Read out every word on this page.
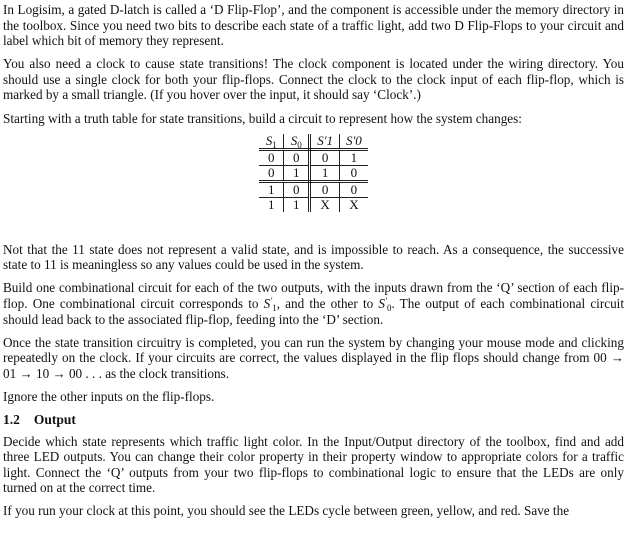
In Logisim, a gated D-latch is called a ‘D Flip-Flop’, and the component is accessible under the memory directory in the toolbox. Since you need two bits to describe each state of a traffic light, add two D Flip-Flops to your circuit and label which bit of memory they represent.

You also need a clock to cause state transitions! The clock component is located under the wiring directory. You should use a single clock for both your flip-flops. Connect the clock to the clock input of each flip-flop, which is marked by a small triangle. (If you hover over the input, it should say ‘Clock’.)

Starting with a truth table for state transitions, build a circuit to represent how the system changes:

$S_1$	$S_0$	S'1	S'0
0	0	0	1
0	1	1	0
1	0	0	0
1	1	X	X

Not that the 11 state does not represent a valid state, and is impossible to reach. As a consequence, the successive state to 11 is meaningless so any values could be used in the system.

Build one combinational circuit for each of the two outputs, with the inputs drawn from the ‘Q’ section of each flip-flop. One combinational circuit corresponds to $S'_1$, and the other to $S'_0$. The output of each combinational circuit should lead back to the associated flip-flop, feeding into the ‘D’ section.

Once the state transition circuitry is completed, you can run the system by changing your mouse mode and clicking repeatedly on the clock. If your circuits are correct, the values displayed in the flip flops should change from 00 → 01 → 10 → 00 . . . as the clock transitions.

Ignore the other inputs on the flip-flops.

1.2 Output

Decide which state represents which traffic light color. In the Input/Output directory of the toolbox, find and add three LED outputs. You can change their color property in their property window to appropriate colors for a traffic light. Connect the ‘Q’ outputs from your two flip-flops to combinational logic to ensure that the LEDs are only turned on at the correct time.

If you run your clock at this point, you should see the LEDs cycle between green, yellow, and red. Save the
